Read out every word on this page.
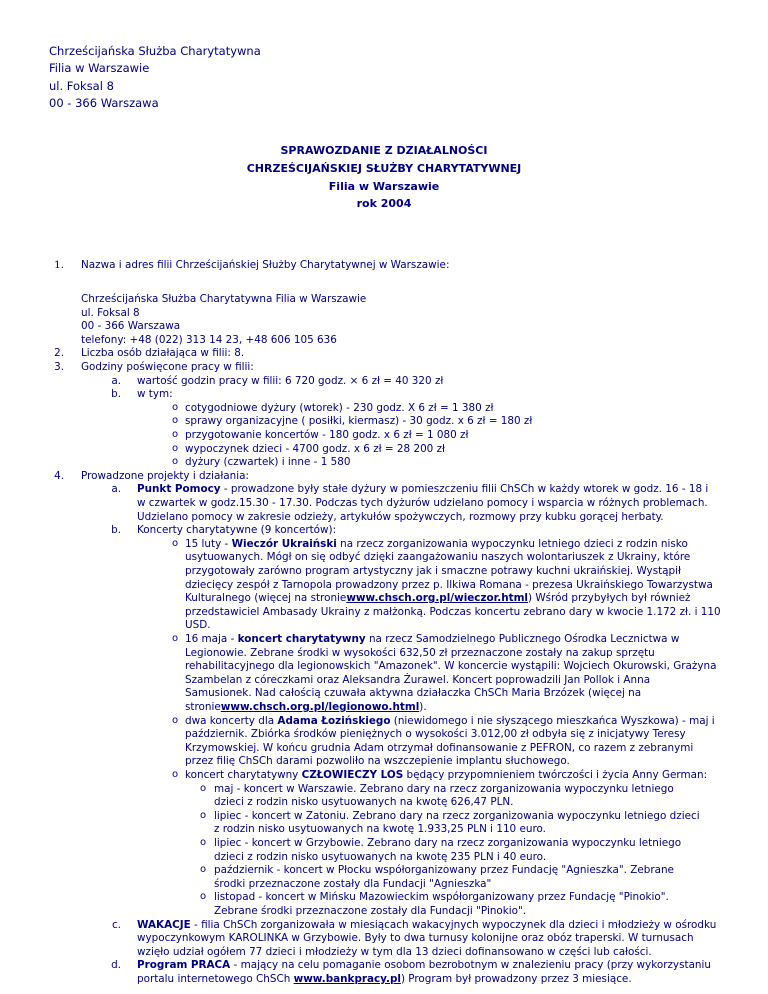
Chrześcijańska Służba Charytatywna
Filia w Warszawie
ul. Foksal 8
00 - 366 Warszawa
SPRAWOZDANIE Z DZIAŁALNOŚCI
CHRZEŚCIJAŃSKIEJ SŁUŻBY CHARYTATYWNEJ
Filia w Warszawie
rok 2004
1. Nazwa i adres filii Chrześcijańskiej Służby Charytatywnej w Warszawie:
Chrześcijańska Służba Charytatywna Filia w Warszawie
ul. Foksal 8
00 - 366 Warszawa
telefony: +48 (022) 313 14 23, +48 606 105 636
2. Liczba osób działająca w filii: 8.
3. Godziny poświęcone pracy w filii:
a. wartość godzin pracy w filii: 6 720 godz. × 6 zł = 40 320 zł
b. w tym:
o cotygodniowe dyżury (wtorek) - 230 godz. X 6 zł = 1 380 zł
o sprawy organizacyjne ( posiłki, kiermasz) - 30 godz. x 6 zł = 180 zł
o przygotowanie koncertów - 180 godz. x 6 zł = 1 080 zł
o wypoczynek dzieci - 4700 godz. x 6 zł = 28 200 zł
o dyżury (czwartek) i inne - 1 580
4. Prowadzone projekty i działania:
a. Punkt Pomocy - prowadzone były stałe dyżury w pomieszczeniu filii ChSCh w każdy wtorek w godz. 16 - 18 i
w czwartek w godz.15.30 - 17.30. Podczas tych dyżurów udzielano pomocy i wsparcia w różnych problemach.
Udzielano pomocy w zakresie odzieży, artykułów spożywczych, rozmowy przy kubku gorącej herbaty.
b. Koncerty charytatywne (9 koncertów):
o 15 luty - Wieczór Ukraiński na rzecz zorganizowania wypoczynku letniego dzieci z rodzin nisko
usytuowanych. Mógł on się odbyć dzięki zaangażowaniu naszych wolontariuszek z Ukrainy, które
przygotowały zarówno program artystyczny jak i smaczne potrawy kuchni ukraińskiej. Wystąpił
dziecięcy zespół z Tarnopola prowadzony przez p. Ilkiwa Romana - prezesa Ukraińskiego Towarzystwa
Kulturalnego (więcej na stroniewww.chsch.org.pl/wieczor.html) Wśród przybyłych był również
przedstawiciel Ambasady Ukrainy z małżonką. Podczas koncertu zebrano dary w kwocie 1.172 zł. i 110
USD.
o 16 maja - koncert charytatywny na rzecz Samodzielnego Publicznego Ośrodka Lecznictwa w
Legionowie. Zebrane środki w wysokości 632,50 zł przeznaczone zostały na zakup sprzętu
rehabilitacyjnego dla legionowskich "Amazonek". W koncercie wystąpili: Wojciech Okurowski, Grażyna
Szambelan z córeczkami oraz Aleksandra Żurawel. Koncert poprowadzili Jan Pollok i Anna
Samusionek. Nad całością czuwała aktywna działaczka ChSCh Maria Brzózek (więcej na
stroniewww.chsch.org.pl/legionowo.html).
o dwa koncerty dla Adama Łozińskiego (niewidomego i nie słyszącego mieszkańca Wyszkowa) - maj i
październik. Zbiórka środków pieniężnych o wysokości 3.012,00 zł odbyła się z inicjatywy Teresy
Krzymowskiej. W końcu grudnia Adam otrzymał dofinansowanie z PEFRON, co razem z zebranymi
przez filię ChSCh darami pozwoliło na wszczepienie implantu słuchowego.
o koncert charytatywny CZŁOWIECZY LOS będący przypomnieniem twórczości i życia Anny German:
o maj - koncert w Warszawie. Zebrano dary na rzecz zorganizowania wypoczynku letniego
dzieci z rodzin nisko usytuowanych na kwotę 626,47 PLN.
o lipiec - koncert w Zatoniu. Zebrano dary na rzecz zorganizowania wypoczynku letniego dzieci
z rodzin nisko usytuowanych na kwotę 1.933,25 PLN i 110 euro.
o lipiec - koncert w Grzybowie. Zebrano dary na rzecz zorganizowania wypoczynku letniego
dzieci z rodzin nisko usytuowanych na kwotę 235 PLN i 40 euro.
o październik - koncert w Płocku współorganizowany przez Fundację "Agnieszka". Zebrane
środki przeznaczone zostały dla Fundacji "Agnieszka"
o listopad - koncert w Mińsku Mazowieckim współorganizowany przez Fundację "Pinokio".
Zebrane środki przeznaczone zostały dla Fundacji "Pinokio".
c. WAKACJE - filia ChSCh zorganizowała w miesiącach wakacyjnych wypoczynek dla dzieci i młodzieży w ośrodku
wypoczynkowym KAROLINKA w Grzybowie. Były to dwa turnusy kolonijne oraz obóz traperski. W turnusach
wzięło udział ogółem 77 dzieci i młodzieży w tym dla 13 dzieci dofinansowano w części lub całości.
d. Program PRACA - mający na celu pomaganie osobom bezrobotnym w znalezieniu pracy (przy wykorzystaniu
portalu internetowego ChSCh www.bankpracy.pl) Program był prowadzony przez 3 miesiące.
